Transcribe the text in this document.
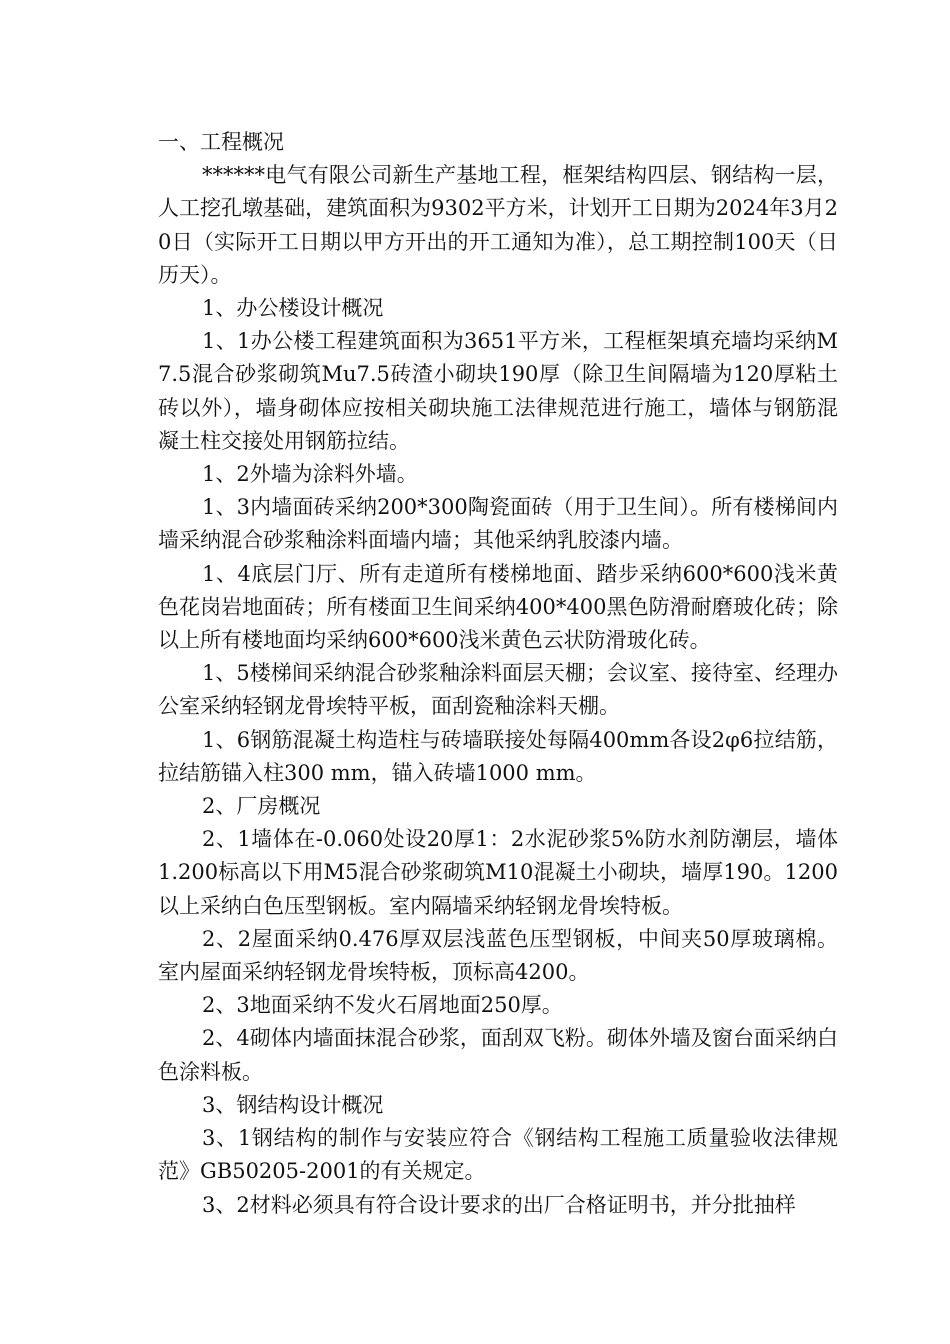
一、工程概况

******电气有限公司新生产基地工程，框架结构四层、钢结构一层，人工挖孔墩基础，建筑面积为9302平方米，计划开工日期为2024年3月20日（实际开工日期以甲方开出的开工通知为准），总工期控制100天（日历天）。

1、办公楼设计概况

1、1办公楼工程建筑面积为3651平方米，工程框架填充墙均采纳M7.5混合砂浆砌筑Mu7.5砖渣小砌块190厚（除卫生间隔墙为120厚粘土砖以外），墙身砌体应按相关砌块施工法律规范进行施工，墙体与钢筋混凝土柱交接处用钢筋拉结。

1、2外墙为涂料外墙。

1、3内墙面砖采纳200*300陶瓷面砖（用于卫生间）。所有楼梯间内墙采纳混合砂浆釉涂料面墙内墙；其他采纳乳胶漆内墙。

1、4底层门厅、所有走道所有楼梯地面、踏步采纳600*600浅米黄色花岗岩地面砖；所有楼面卫生间采纳400*400黑色防滑耐磨玻化砖；除以上所有楼地面均采纳600*600浅米黄色云状防滑玻化砖。

1、5楼梯间采纳混合砂浆釉涂料面层天棚；会议室、接待室、经理办公室采纳轻钢龙骨埃特平板，面刮瓷釉涂料天棚。

1、6钢筋混凝土构造柱与砖墙联接处每隔400mm各设2φ6拉结筋，拉结筋锚入柱300 mm，锚入砖墙1000 mm。

2、厂房概况

2、1墙体在-0.060处设20厚1：2水泥砂浆5%防水剂防潮层，墙体1.200标高以下用M5混合砂浆砌筑M10混凝土小砌块，墙厚190。1200以上采纳白色压型钢板。室内隔墙采纳轻钢龙骨埃特板。

2、2屋面采纳0.476厚双层浅蓝色压型钢板，中间夹50厚玻璃棉。室内屋面采纳轻钢龙骨埃特板，顶标高4200。

2、3地面采纳不发火石屑地面250厚。

2、4砌体内墙面抹混合砂浆，面刮双飞粉。砌体外墙及窗台面采纳白色涂料板。

3、钢结构设计概况

3、1钢结构的制作与安装应符合《钢结构工程施工质量验收法律规范》GB50205-2001的有关规定。

3、2材料必须具有符合设计要求的出厂合格证明书，并分批抽样
